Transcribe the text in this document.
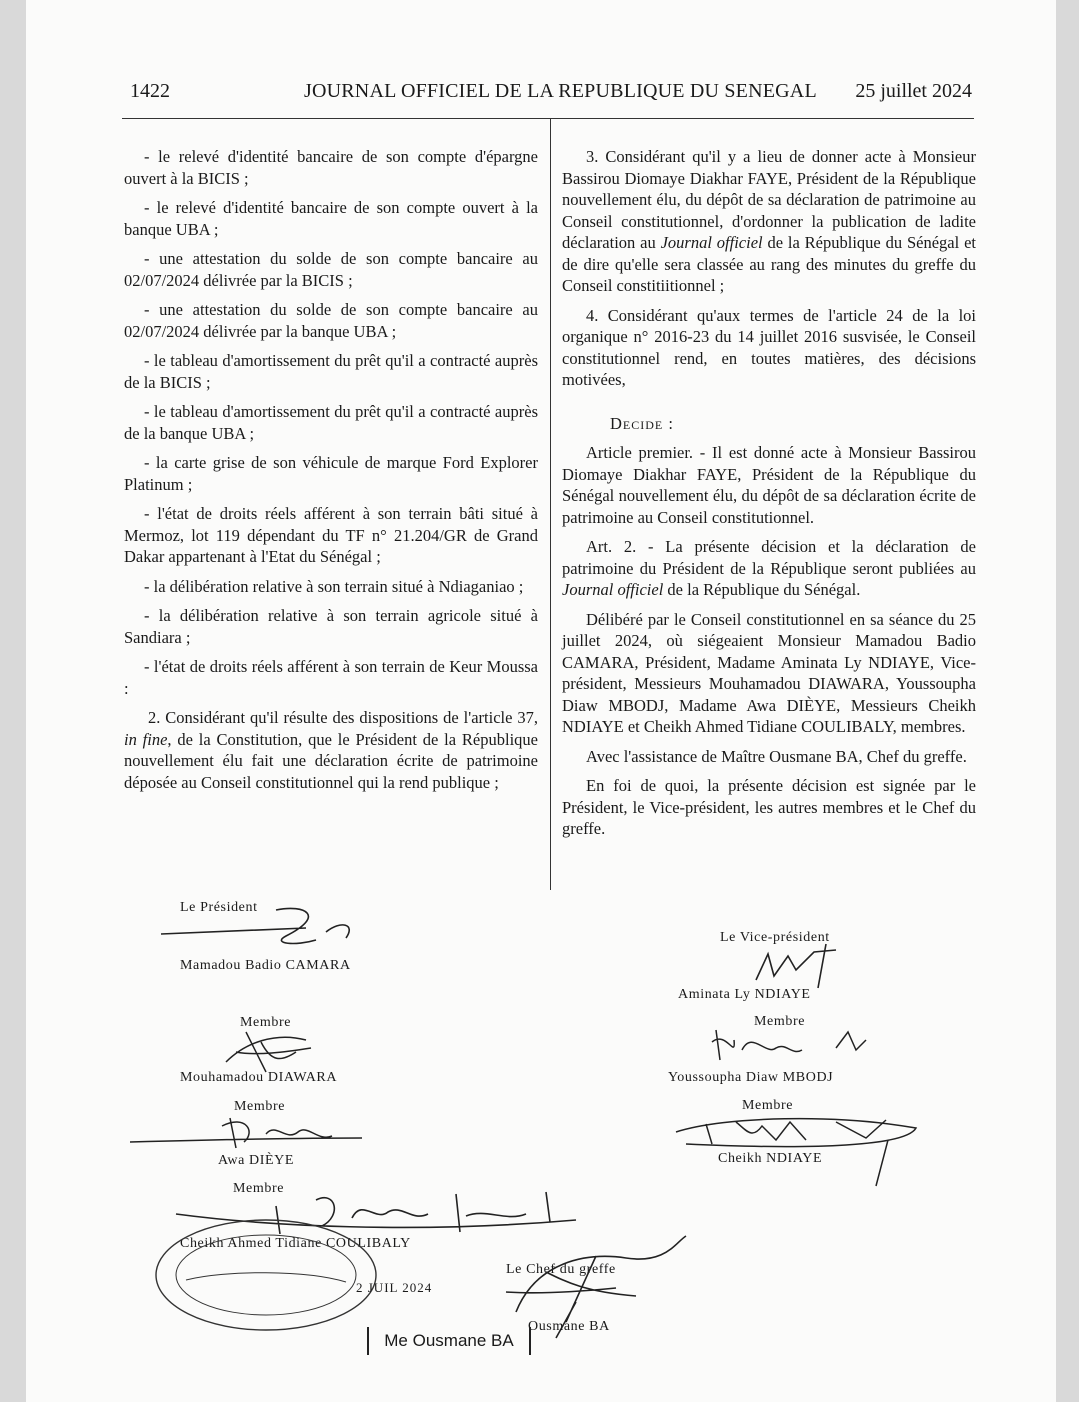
1422	JOURNAL OFFICIEL DE LA REPUBLIQUE DU SENEGAL 25 juillet 2024

- le relevé d'identité bancaire de son compte d'épargne ouvert à la BICIS ;

- le relevé d'identité bancaire de son compte ouvert à la banque UBA ;

- une attestation du solde de son compte bancaire au 02/07/2024 délivrée par la BICIS ;

- une attestation du solde de son compte bancaire au 02/07/2024 délivrée par la banque UBA ;

- le tableau d'amortissement du prêt qu'il a contracté auprès de la BICIS ;

- le tableau d'amortissement du prêt qu'il a contracté auprès de la banque UBA ;

- la carte grise de son véhicule de marque Ford Explorer Platinum ;

- l'état de droits réels afférent à son terrain bâti situé à Mermoz, lot 119 dépendant du TF n° 21.204/GR de Grand Dakar appartenant à l'Etat du Sénégal ;

- la délibération relative à son terrain situé à Ndiaganiao ;

- la délibération relative à son terrain agricole situé à Sandiara ;

- l'état de droits réels afférent à son terrain de Keur Moussa :

2. Considérant qu'il résulte des dispositions de l'article 37, in fine, de la Constitution, que le Président de la République nouvellement élu fait une déclaration écrite de patrimoine déposée au Conseil constitutionnel qui la rend publique ;

3. Considérant qu'il y a lieu de donner acte à Monsieur Bassirou Diomaye Diakhar FAYE, Président de la République nouvellement élu, du dépôt de sa déclaration de patrimoine au Conseil constitutionnel, d'ordonner la publication de ladite déclaration au Journal officiel de la République du Sénégal et de dire qu'elle sera classée au rang des minutes du greffe du Conseil constitiitionnel ;

4. Considérant qu'aux termes de l'article 24 de la loi organique n° 2016-23 du 14 juillet 2016 susvisée, le Conseil constitutionnel rend, en toutes matières, des décisions motivées,

Decide :

Article premier. - Il est donné acte à Monsieur Bassirou Diomaye Diakhar FAYE, Président de la République du Sénégal nouvellement élu, du dépôt de sa déclaration écrite de patrimoine au Conseil constitutionnel.

Art. 2. - La présente décision et la déclaration de patrimoine du Président de la République seront publiées au Journal officiel de la République du Sénégal.

Délibéré par le Conseil constitutionnel en sa séance du 25 juillet 2024, où siégeaient Monsieur Mamadou Badio CAMARA, Président, Madame Aminata Ly NDIAYE, Vice-président, Messieurs Mouhamadou DIAWARA, Youssoupha Diaw MBODJ, Madame Awa DIÈYE, Messieurs Cheikh NDIAYE et Cheikh Ahmed Tidiane COULIBALY, membres.

Avec l'assistance de Maître Ousmane BA, Chef du greffe.

En foi de quoi, la présente décision est signée par le Président, le Vice-président, les autres membres et le Chef du greffe.

Le Président
Mamadou Badio CAMARA
Le Vice-président
Aminata Ly NDIAYE
Membre
Mouhamadou DIAWARA
Membre
Youssoupha Diaw MBODJ
Membre
Awa DIÈYE
Membre
Cheikh NDIAYE
Membre
Cheikh Ahmed Tidiane COULIBALY
2 JUIL 2024
Le Chef du greffe
Ousmane BA
Me Ousmane BA
